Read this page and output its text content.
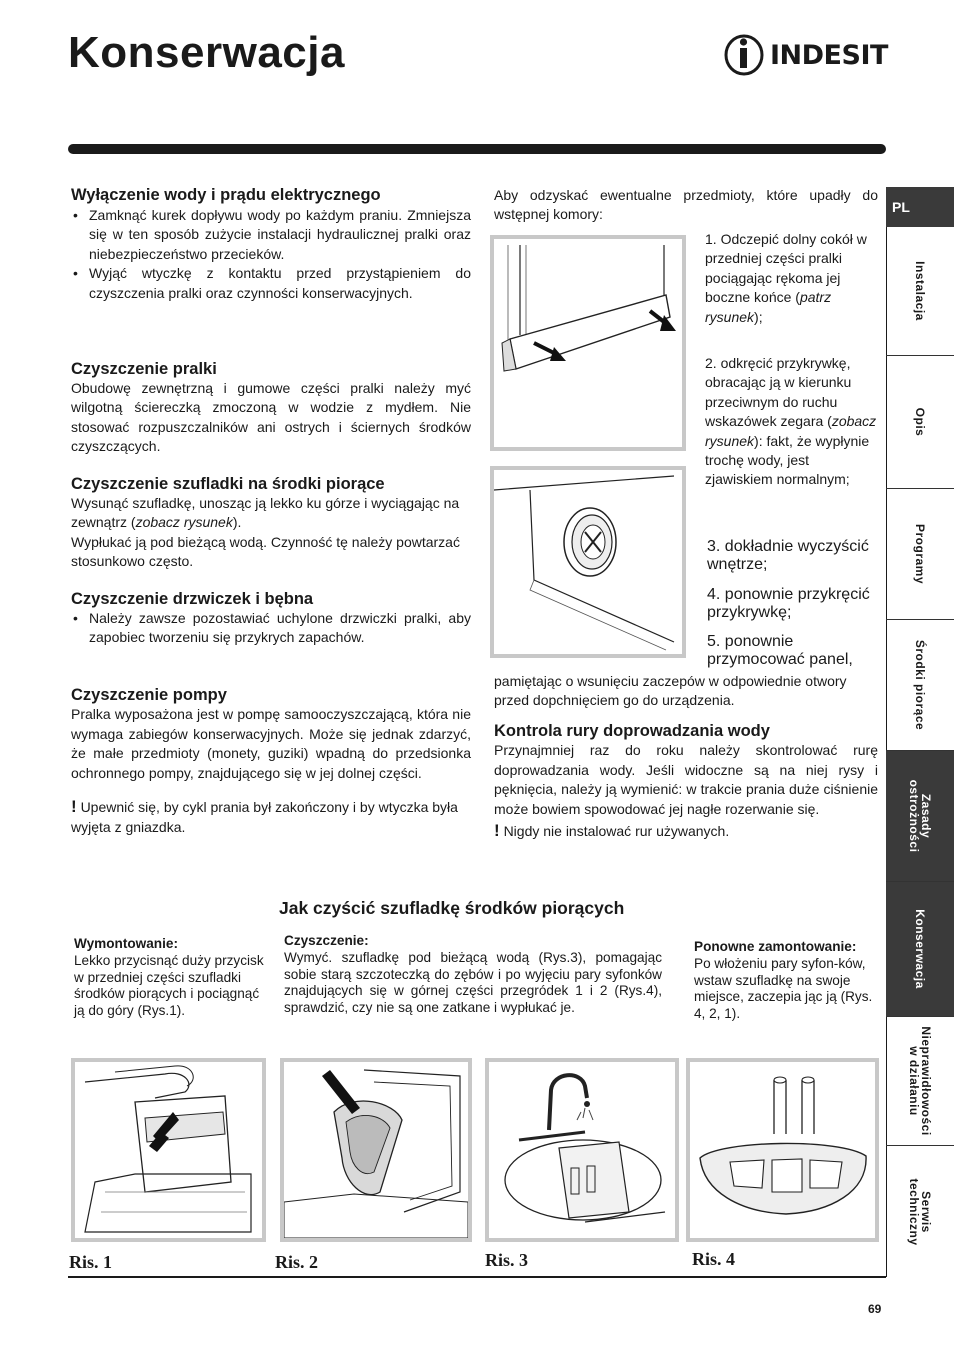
Konserwacja	INDESIT
Wyłączenie wody i prądu elektrycznego
• Zamknąć kurek dopływu wody po każdym praniu. Zmniejsza się w ten sposób zużycie instalacji hydraulicznej pralki oraz niebezpieczeństwo przecieków.
• Wyjąć wtyczkę z kontaktu przed przystąpieniem do czyszczenia pralki oraz czynności konserwacyjnych.
Czyszczenie pralki

Obudowę zewnętrzną i gumowe części pralki należy myć wilgotną ściereczką zmoczoną w wodzie z mydłem. Nie stosować rozpuszczalników ani ostrych i ściernych środków czyszczących.

Czyszczenie szufladki na środki piorące

Wysunąć szufladkę, unosząc ją lekko ku górze i wyciągając na zewnątrz (zobacz rysunek).

Wypłukać ją pod bieżącą wodą. Czynność tę należy powtarzać stosunkowo często.

Czyszczenie drzwiczek i bębna
• Należy zawsze pozostawiać uchylone drzwiczki pralki, aby zapobiec tworzeniu się przykrych zapachów.
Czyszczenie pompy

Pralka wyposażona jest w pompę samooczyszczającą, która nie wymaga zabiegów konserwacyjnych. Może się jednak zdarzyć, że małe przedmioty (monety, guziki) wpadną do przedsionka ochronnego pompy, znajdującego się w jej dolnej części.

! Upewnić się, by cykl prania był zakończony i by wtyczka była wyjęta z gniazdka.

Aby odzyskać ewentualne przedmioty, które upadły do wstępnej komory:

1. Odczepić dolny cokół w przedniej części pralki pociągając rękoma jej boczne końce (patrz rysunek);

2. odkręcić przykrywkę, obracając ją w kierunku przeciwnym do ruchu wskazówek zegara (zobacz rysunek): fakt, że wypłynie trochę wody, jest zjawiskiem normalnym;

3. dokładnie wyczyścić wnętrze;
4. ponownie przykręcić przykrywkę;
5. ponownie przymocować panel,

pamiętając o wsunięciu zaczepów w odpowiednie otwory przed dopchnięciem go do urządzenia.

Kontrola rury doprowadzania wody

Przynajmniej raz do roku należy skontrolować rurę doprowadzania wody. Jeśli widoczne są na niej rysy i pęknięcia, należy ją wymienić: w trakcie prania duże ciśnienie może bowiem spowodować jej nagłe rozerwanie się.

! Nigdy nie instalować rur używanych.

Jak czyścić szufladkę środków piorących
Wymontowanie:
Lekko przycisnąć duży przycisk w przedniej części szufladki środków piorących i pociągnąć ją do góry (Rys.1).
Czyszczenie:
Wymyć. szufladkę pod bieżącą wodą (Rys.3), pomagając sobie starą szczoteczką do zębów i po wyjęciu pary syfonków znajdujących się w górnej części przegródek 1 i 2 (Rys.4), sprawdzić, czy nie są one zatkane i wypłukać je.
Ponowne zamontowanie:
Po włożeniu pary syfon-ków, wstaw szufladkę na swoje miejsce, zaczepia jąc ją (Rys. 4, 2, 1).
Ris. 1	Ris. 2	Ris. 3	Ris. 4
69
PL
Instalacja
Opis
Programy
Środki piorące
Zasady ostrożności
Konserwacja
Nieprawidłowości w działaniu
Serwis techniczny
